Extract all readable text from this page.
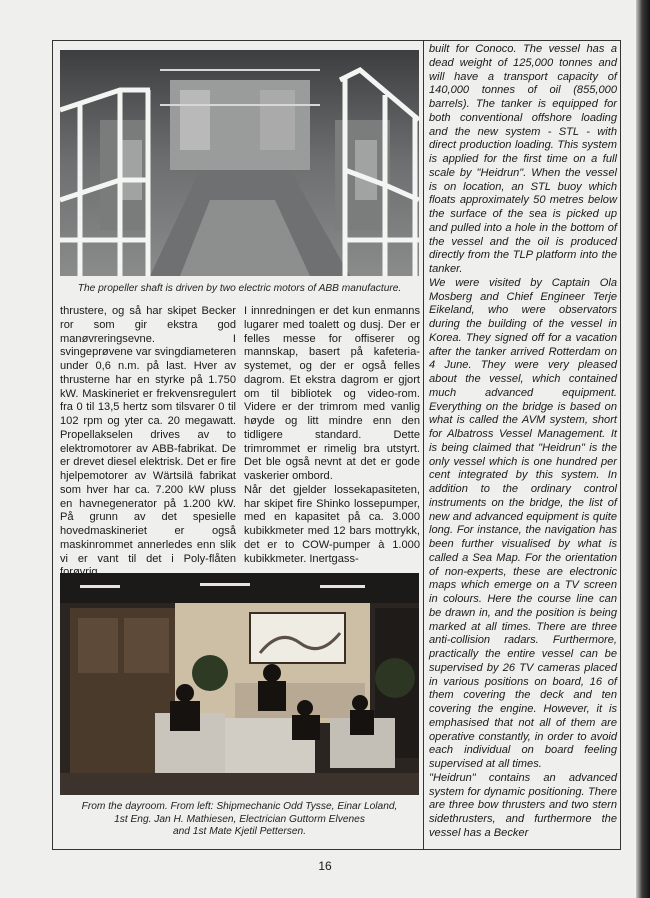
The propeller shaft is driven by two electric motors of ABB manufacture.

thrustere, og så har skipet Becker ror som gir ekstra god manøvreringsevne. I svingeprøvene var svingdiameteren under 0,6 n.m. på last. Hver av thrusterne har en styrke på 1.750 kW. Maskineriet er frekvensregulert fra 0 til 13,5 hertz som tilsvarer 0 til 102 rpm og yter ca. 20 megawatt. Propellakselen drives av to elektromotorer av ABB-fabrikat. De er drevet diesel elektrisk. Det er fire hjelpemotorer av Wärtsilä fabrikat som hver har ca. 7.200 kW pluss en havnegenerator på 1.200 kW. På grunn av det spesielle hovedmaskineriet er også maskinrommet annerledes enn slik vi er vant til det i Poly-flåten

I innredningen er det kun enmanns lugarer med toalett og dusj. Der er felles messe for offiserer og mannskap, basert på kafeteria-systemet, og der er også felles dagrom. Et ekstra dagrom er gjort om til bibliotek og video-rom. Videre er der trimrom med vanlig høyde og litt mindre enn den tidligere standard. Dette trimrommet er rimelig bra utstyrt. Det ble også nevnt at det er gode vaskerier ombord.

Når det gjelder lossekapasiteten, har skipet fire Shinko lossepumper, med en kapasitet på ca. 3.000 kubikkmeter med 12 bars mottrykk, det er to COW-pumper à 1.000 kubikkmeter. Inertgass-

built for Conoco. The vessel has a dead weight of 125,000 tonnes and will have a transport capacity of 140,000 tonnes of oil (855,000 barrels). The tanker is equipped for both conventional offshore loading and the new system - STL - with direct production loading. This system is applied for the first time on a full scale by "Heidrun". When the vessel is on location, an STL buoy which floats approximately 50 metres below the surface of the sea is picked up and pulled into a hole in the bottom of the vessel and the oil is produced directly from the TLP platform into the tanker.

We were visited by Captain Ola Mosberg and Chief Engineer Terje Eikeland, who were observators during the building of the vessel in Korea. They signed off for a vacation after the tanker arrived Rotterdam on 4 June. They were very pleased about the vessel, which contained much advanced equipment. Everything on the bridge is based on what is called the AVM system, short for Albatross Vessel Management. It is being claimed that "Heidrun" is the only vessel which is one hundred per cent integrated by this system. In addition to the ordinary control instruments on the bridge, the list of new and advanced equipment is quite long. For instance, the navigation has been further visualised by what is called a Sea Map. For the orientation of non-experts, these are electronic maps which emerge on a TV screen in colours. Here the course line can be drawn in, and the position is being marked at all times. There are three anti-collision radars. Furthermore, practically the entire vessel can be supervised by 26 TV cameras placed in various positions on board, 16 of them covering the deck and ten covering the engine. However, it is emphasised that not all of them are operative constantly, in order to avoid each individual on board feeling supervised at all times.

"Heidrun" contains an advanced system for dynamic positioning. There are three bow thrusters and two stern sidethrusters, and furthermore the vessel has a Becker

From the dayroom. From left: Shipmechanic Odd Tysse, Einar Loland,
1st Eng. Jan H. Mathiesen, Electrician Guttorm Elvenes
and 1st Mate Kjetil Pettersen.
16
